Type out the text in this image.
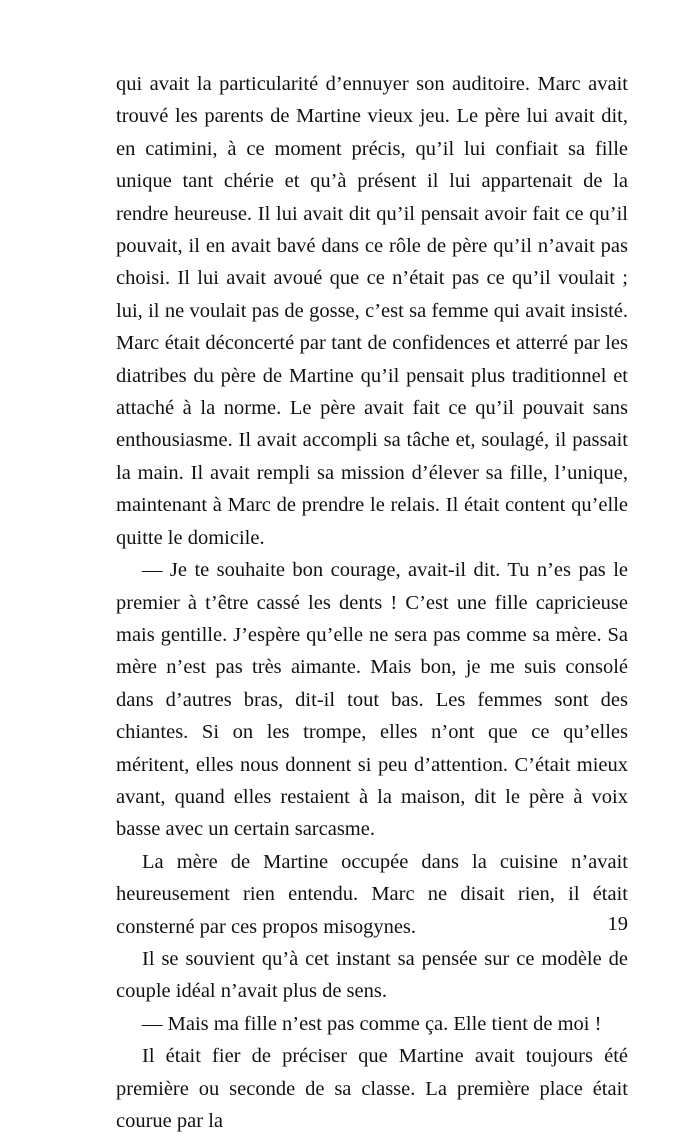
qui avait la particularité d’ennuyer son auditoire. Marc avait trouvé les parents de Martine vieux jeu. Le père lui avait dit, en catimini, à ce moment précis, qu’il lui confiait sa fille unique tant chérie et qu’à présent il lui appartenait de la rendre heureuse. Il lui avait dit qu’il pensait avoir fait ce qu’il pouvait, il en avait bavé dans ce rôle de père qu’il n’avait pas choisi. Il lui avait avoué que ce n’était pas ce qu’il voulait ; lui, il ne voulait pas de gosse, c’est sa femme qui avait insisté. Marc était déconcerté par tant de confidences et atterré par les diatribes du père de Martine qu’il pensait plus traditionnel et attaché à la norme. Le père avait fait ce qu’il pouvait sans enthousiasme. Il avait accompli sa tâche et, soulagé, il passait la main. Il avait rempli sa mission d’élever sa fille, l’unique, maintenant à Marc de prendre le relais. Il était content qu’elle quitte le domicile.

— Je te souhaite bon courage, avait-il dit. Tu n’es pas le premier à t’être cassé les dents ! C’est une fille capricieuse mais gentille. J’espère qu’elle ne sera pas comme sa mère. Sa mère n’est pas très aimante. Mais bon, je me suis consolé dans d’autres bras, dit-il tout bas. Les femmes sont des chiantes. Si on les trompe, elles n’ont que ce qu’elles méritent, elles nous donnent si peu d’attention. C’était mieux avant, quand elles restaient à la maison, dit le père à voix basse avec un certain sarcasme.

La mère de Martine occupée dans la cuisine n’avait heureusement rien entendu. Marc ne disait rien, il était consterné par ces propos misogynes.

Il se souvient qu’à cet instant sa pensée sur ce modèle de couple idéal n’avait plus de sens.

— Mais ma fille n’est pas comme ça. Elle tient de moi !

Il était fier de préciser que Martine avait toujours été première ou seconde de sa classe. La première place était courue par la

19
